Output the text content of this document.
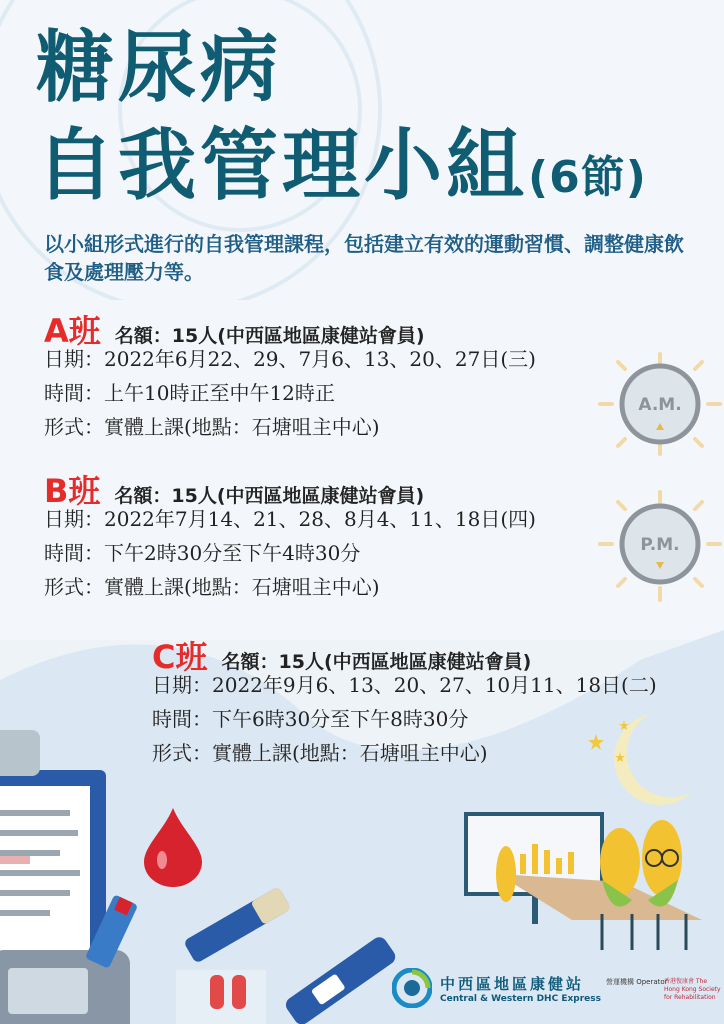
糖尿病
自我管理小組(6節)
以小組形式進行的自我管理課程，包括建立有效的運動習慣、調整健康飲食及處理壓力等。
A班 名額：15人(中西區地區康健站會員)
日期：2022年6月22、29、7月6、13、20、27日(三)
時間：上午10時正至中午12時正
形式：實體上課(地點：石塘咀主中心)
B班 名額：15人(中西區地區康健站會員)
日期：2022年7月14、21、28、8月4、11、18日(四)
時間：下午2時30分至下午4時30分
形式：實體上課(地點：石塘咀主中心)
C班 名額：15人(中西區地區康健站會員)
日期：2022年9月6、13、20、27、10月11、18日(二)
時間：下午6時30分至下午8時30分
形式：實體上課(地點：石塘咀主中心)
A.M.
P.M.
中西區地區康健站
Central & Western DHC Express
營運機構 Operator
香港復康會 The Hong Kong Society for Rehabilitation
